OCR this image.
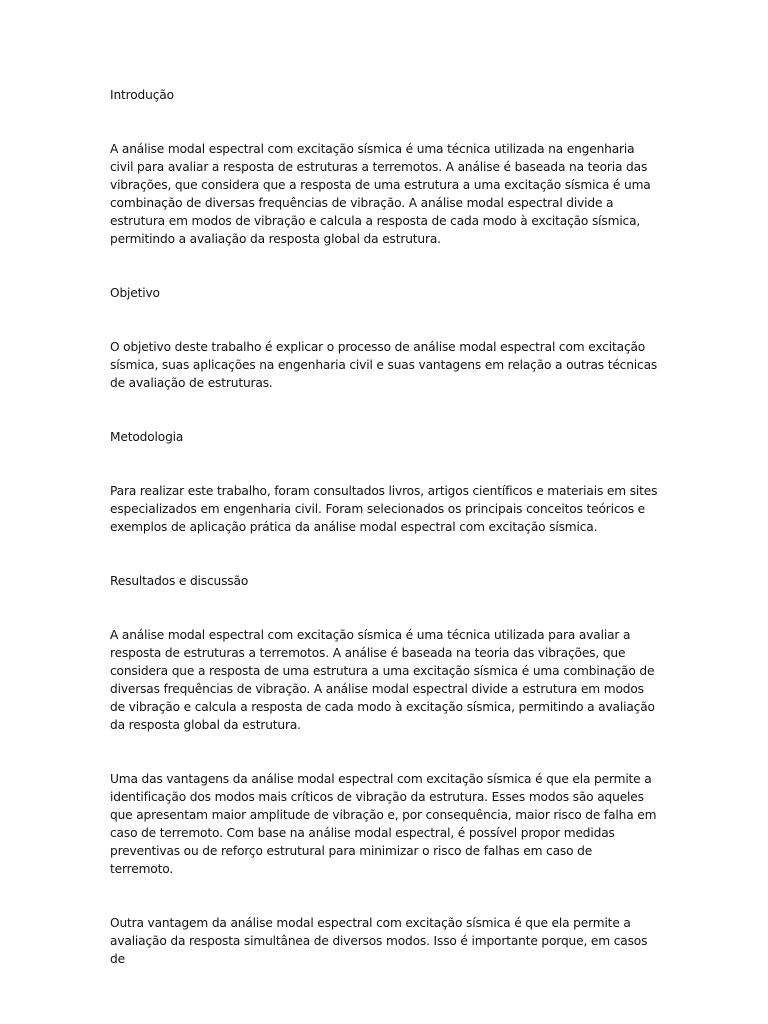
Introdução

A análise modal espectral com excitação sísmica é uma técnica utilizada na engenharia civil para avaliar a resposta de estruturas a terremotos. A análise é baseada na teoria das vibrações, que considera que a resposta de uma estrutura a uma excitação sísmica é uma combinação de diversas frequências de vibração. A análise modal espectral divide a estrutura em modos de vibração e calcula a resposta de cada modo à excitação sísmica, permitindo a avaliação da resposta global da estrutura.

Objetivo

O objetivo deste trabalho é explicar o processo de análise modal espectral com excitação sísmica, suas aplicações na engenharia civil e suas vantagens em relação a outras técnicas de avaliação de estruturas.

Metodologia

Para realizar este trabalho, foram consultados livros, artigos científicos e materiais em sites especializados em engenharia civil. Foram selecionados os principais conceitos teóricos e exemplos de aplicação prática da análise modal espectral com excitação sísmica.

Resultados e discussão

A análise modal espectral com excitação sísmica é uma técnica utilizada para avaliar a resposta de estruturas a terremotos. A análise é baseada na teoria das vibrações, que considera que a resposta de uma estrutura a uma excitação sísmica é uma combinação de diversas frequências de vibração. A análise modal espectral divide a estrutura em modos de vibração e calcula a resposta de cada modo à excitação sísmica, permitindo a avaliação da resposta global da estrutura.

Uma das vantagens da análise modal espectral com excitação sísmica é que ela permite a identificação dos modos mais críticos de vibração da estrutura. Esses modos são aqueles que apresentam maior amplitude de vibração e, por consequência, maior risco de falha em caso de terremoto. Com base na análise modal espectral, é possível propor medidas preventivas ou de reforço estrutural para minimizar o risco de falhas em caso de terremoto.

Outra vantagem da análise modal espectral com excitação sísmica é que ela permite a avaliação da resposta simultânea de diversos modos. Isso é importante porque, em casos de
